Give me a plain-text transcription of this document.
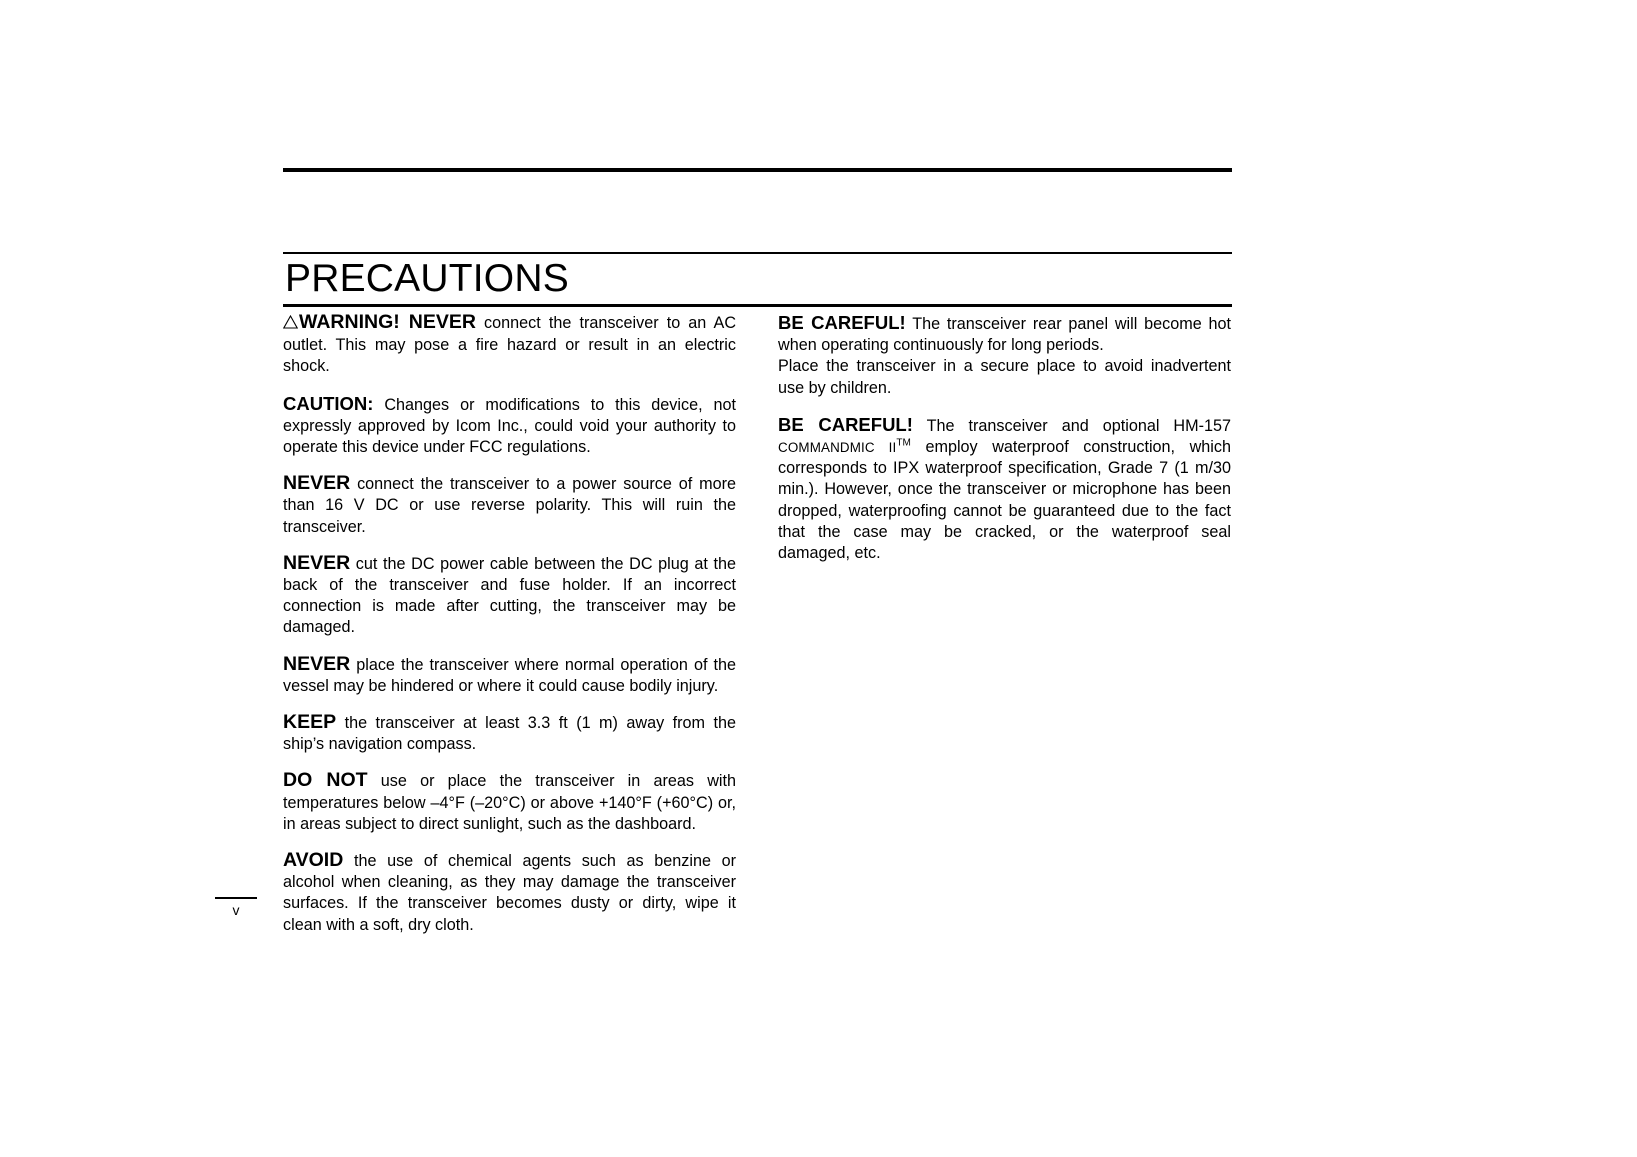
PRECAUTIONS

WARNING! NEVER connect the transceiver to an AC outlet. This may pose a fire hazard or result in an electric shock.

CAUTION: Changes or modifications to this device, not expressly approved by Icom Inc., could void your authority to operate this device under FCC regulations.

NEVER connect the transceiver to a power source of more than 16 V DC or use reverse polarity. This will ruin the transceiver.

NEVER cut the DC power cable between the DC plug at the back of the transceiver and fuse holder. If an incorrect connection is made after cutting, the transceiver may be damaged.

NEVER place the transceiver where normal operation of the vessel may be hindered or where it could cause bodily injury.

KEEP the transceiver at least 3.3 ft (1 m) away from the ship’s navigation compass.

DO NOT use or place the transceiver in areas with temperatures below –4°F (–20°C) or above +140°F (+60°C) or, in areas subject to direct sunlight, such as the dashboard.

AVOID the use of chemical agents such as benzine or alcohol when cleaning, as they may damage the transceiver surfaces. If the transceiver becomes dusty or dirty, wipe it clean with a soft, dry cloth.

BE CAREFUL! The transceiver rear panel will become hot when operating continuously for long periods.
Place the transceiver in a secure place to avoid inadvertent use by children.

BE CAREFUL! The transceiver and optional HM-157 COMMANDMIC II™ employ waterproof construction, which corresponds to IPX waterproof specification, Grade 7 (1 m/30 min.). However, once the transceiver or microphone has been dropped, waterproofing cannot be guaranteed due to the fact that the case may be cracked, or the waterproof seal damaged, etc.

v
